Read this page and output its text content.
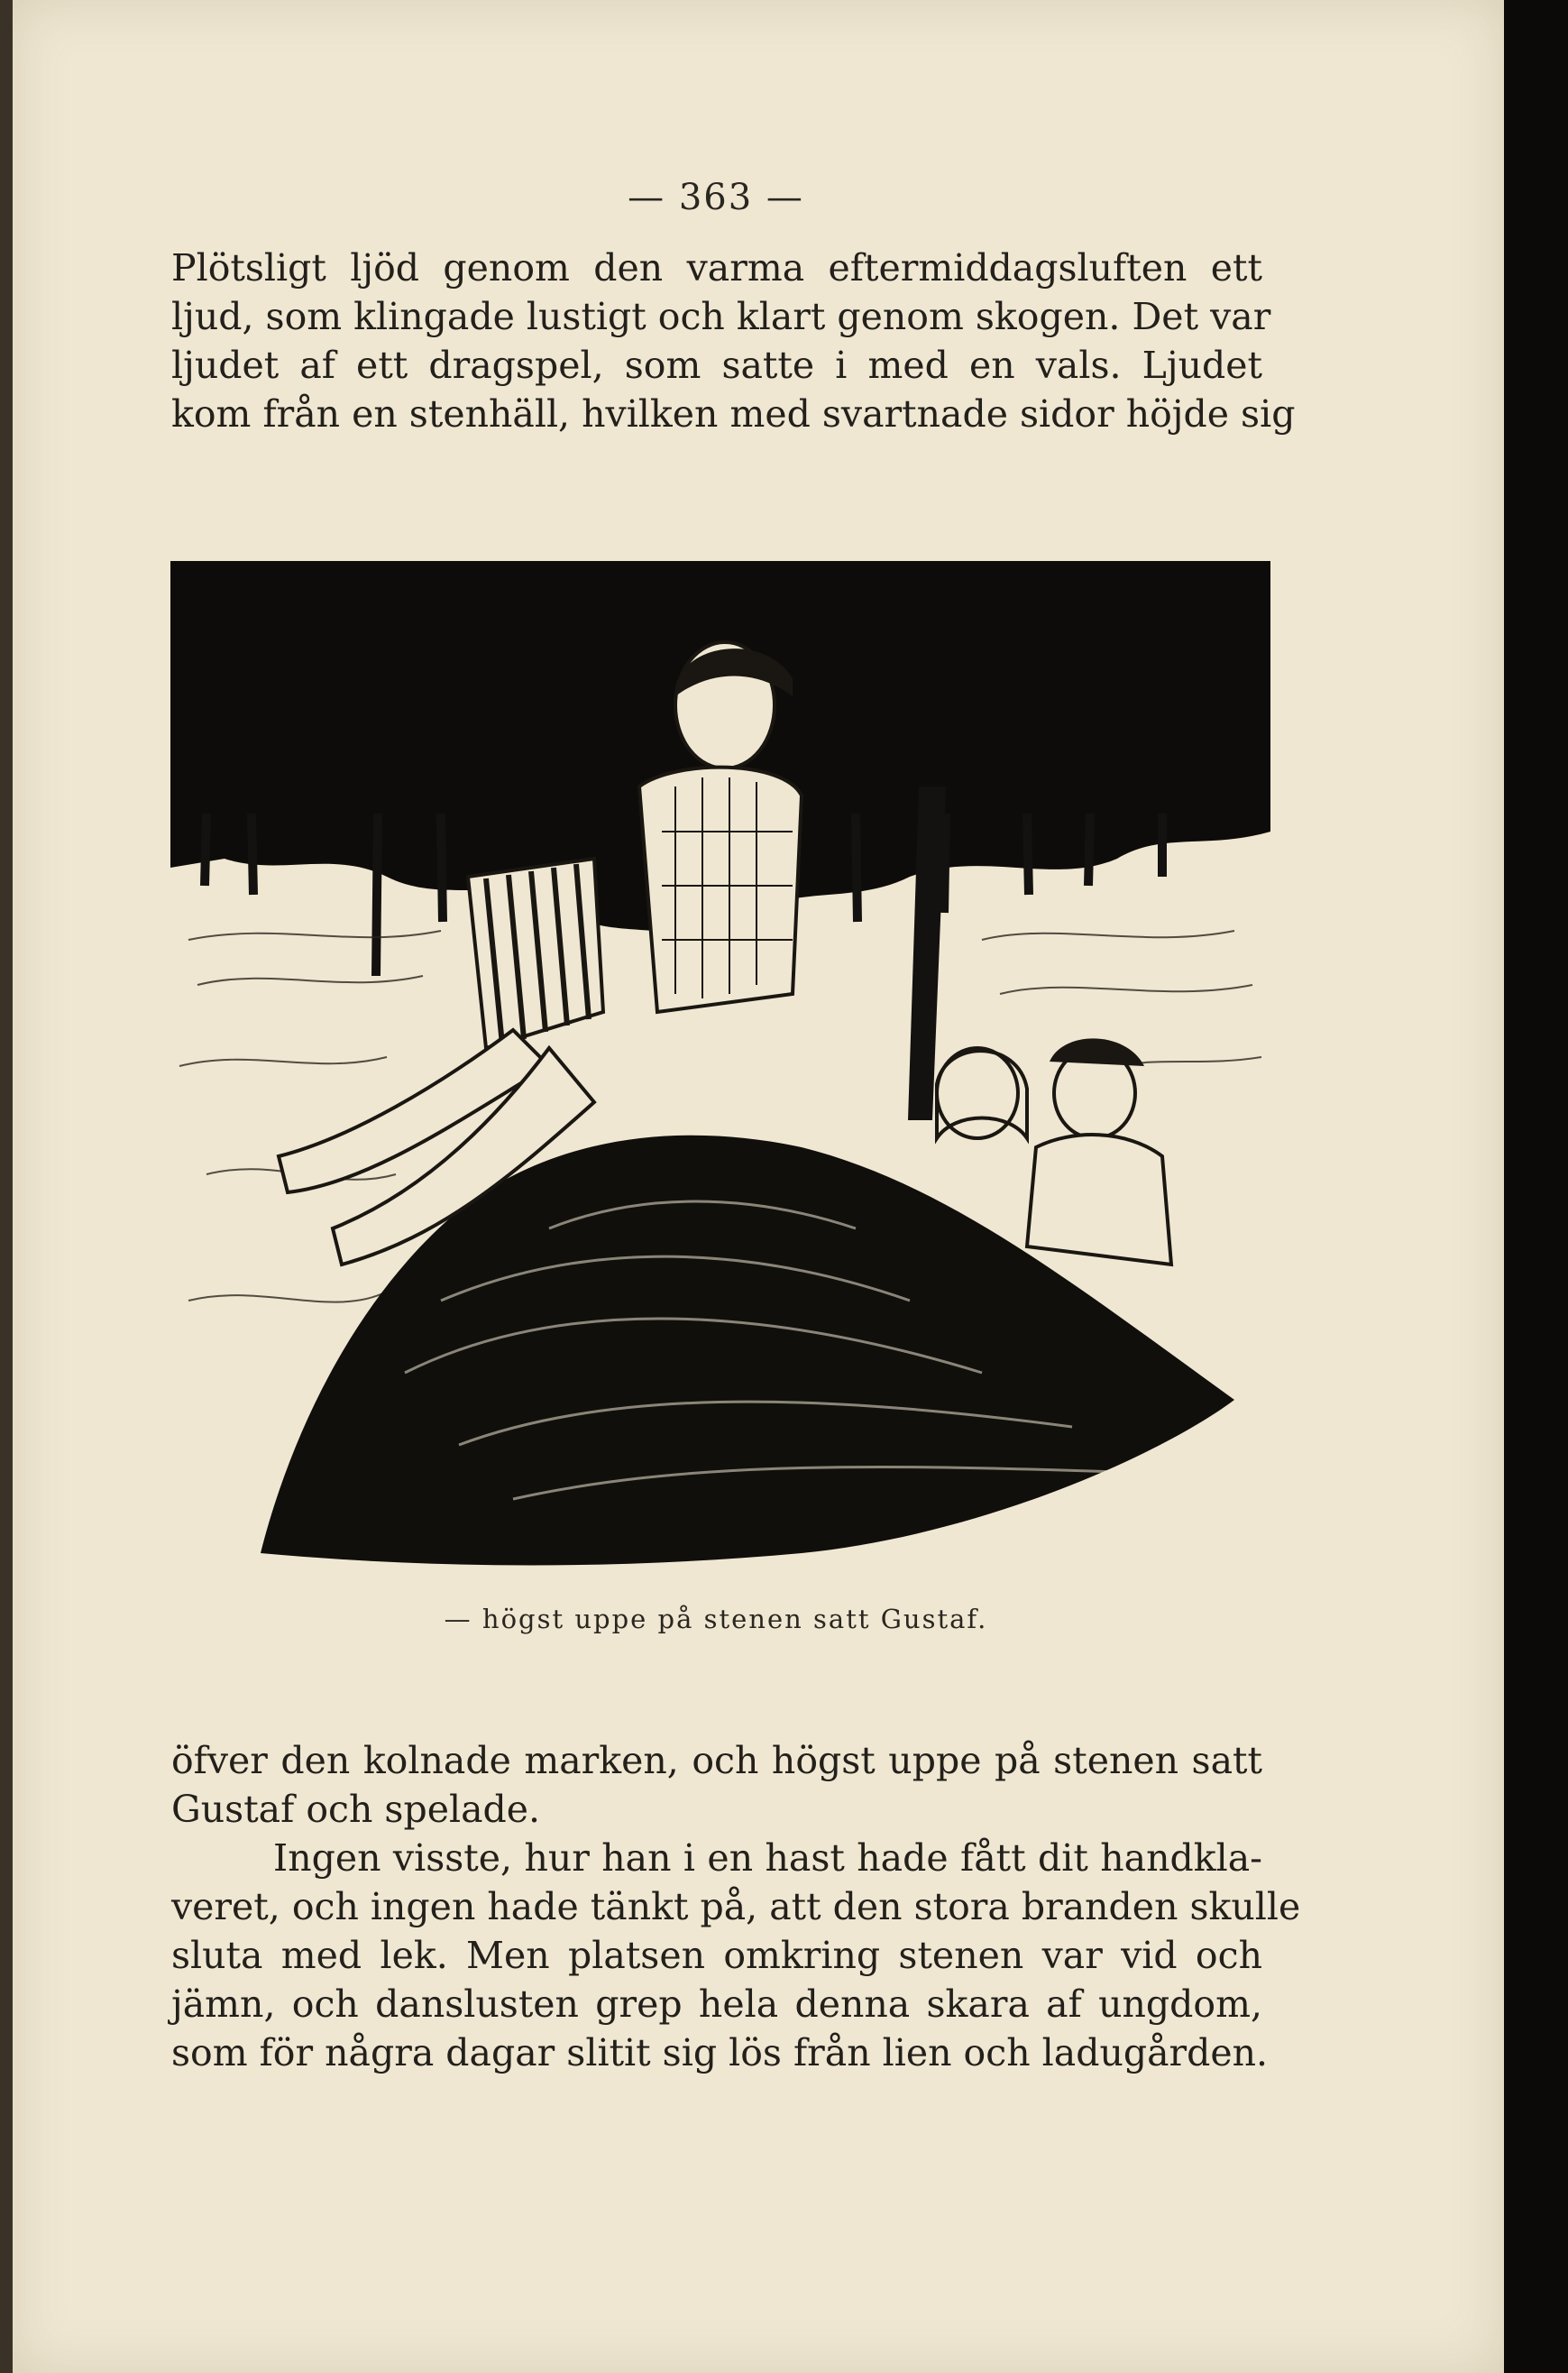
— 363 —
Plötsligt ljöd genom den varma eftermiddagsluften ett
ljud, som klingade lustigt och klart genom skogen. Det var
ljudet af ett dragspel, som satte i med en vals. Ljudet
kom från en stenhäll, hvilken med svartnade sidor höjde sig
— högst uppe på stenen satt Gustaf.
öfver den kolnade marken, och högst uppe på stenen satt
Gustaf och spelade.
Ingen visste, hur han i en hast hade fått dit handkla-
veret, och ingen hade tänkt på, att den stora branden skulle
sluta med lek. Men platsen omkring stenen var vid och
jämn, och danslusten grep hela denna skara af ungdom,
som för några dagar slitit sig lös från lien och ladugården.
